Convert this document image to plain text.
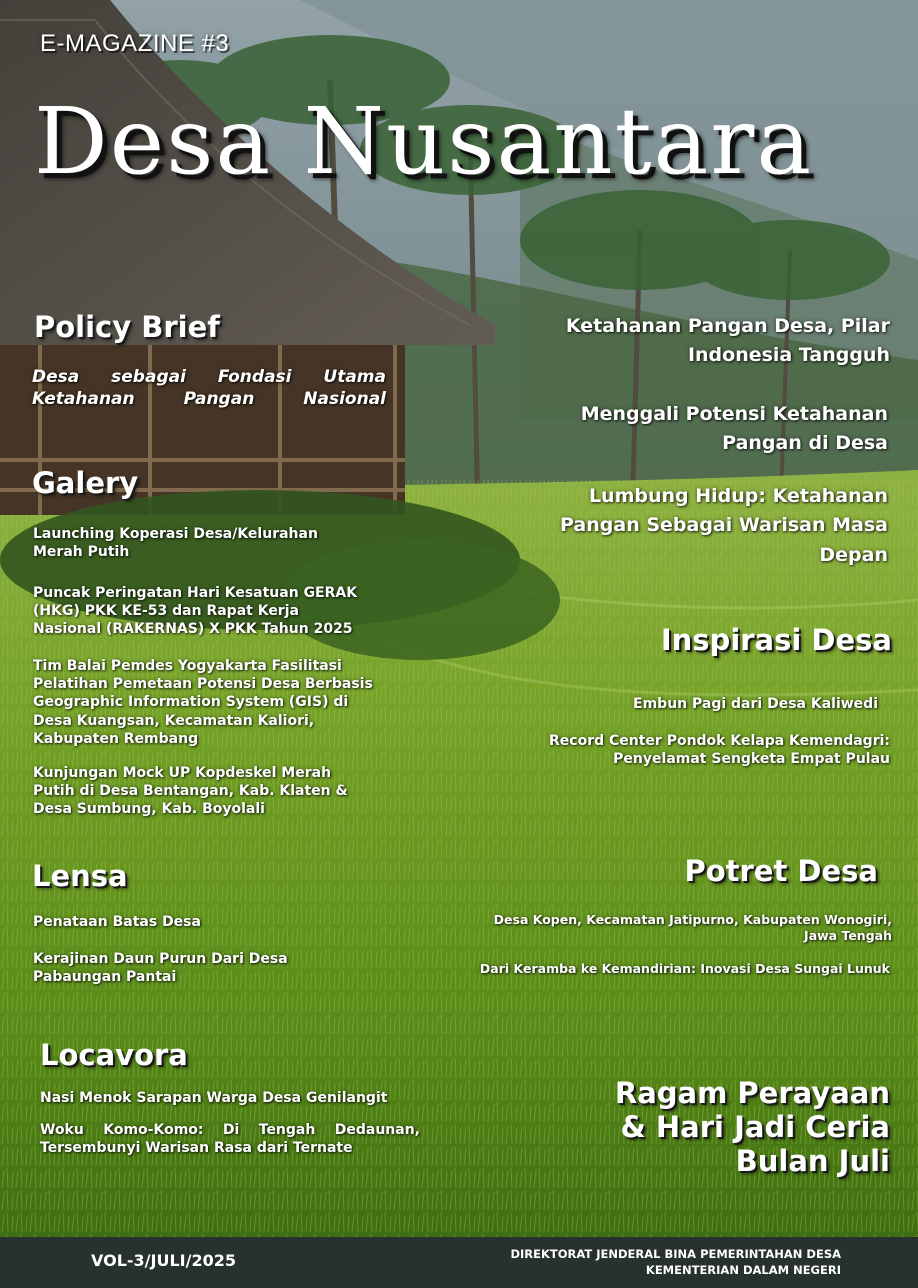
E-MAGAZINE #3

Desa Nusantara
Policy Brief

Desa sebagai Fondasi Utama Ketahanan Pangan Nasional

Galery

Launching Koperasi Desa/Kelurahan Merah Putih

Puncak Peringatan Hari Kesatuan GERAK (HKG) PKK KE-53 dan Rapat Kerja Nasional (RAKERNAS) X PKK Tahun 2025

Tim Balai Pemdes Yogyakarta Fasilitasi Pelatihan Pemetaan Potensi Desa Berbasis Geographic Information System (GIS) di Desa Kuangsan, Kecamatan Kaliori, Kabupaten Rembang

Kunjungan Mock UP Kopdeskel Merah Putih di Desa Bentangan, Kab. Klaten & Desa Sumbung, Kab. Boyolali

Lensa

Penataan Batas Desa

Kerajinan Daun Purun Dari Desa Pabaungan Pantai

Locavora

Nasi Menok Sarapan Warga Desa Genilangit

Woku Komo-Komo: Di Tengah Dedaunan, Tersembunyi Warisan Rasa dari Ternate

Ketahanan Pangan Desa, Pilar Indonesia Tangguh

Menggali Potensi Ketahanan Pangan di Desa

Lumbung Hidup: Ketahanan Pangan Sebagai Warisan Masa Depan

Inspirasi Desa

Embun Pagi dari Desa Kaliwedi

Record Center Pondok Kelapa Kemendagri: Penyelamat Sengketa Empat Pulau

Potret Desa

Desa Kopen, Kecamatan Jatipurno, Kabupaten Wonogiri, Jawa Tengah

Dari Keramba ke Kemandirian: Inovasi Desa Sungai Lunuk

Ragam Perayaan & Hari Jadi Ceria Bulan Juli

VOL-3/JULI/2025	DIREKTORAT JENDERAL BINA PEMERINTAHAN DESA
KEMENTERIAN DALAM NEGERI
